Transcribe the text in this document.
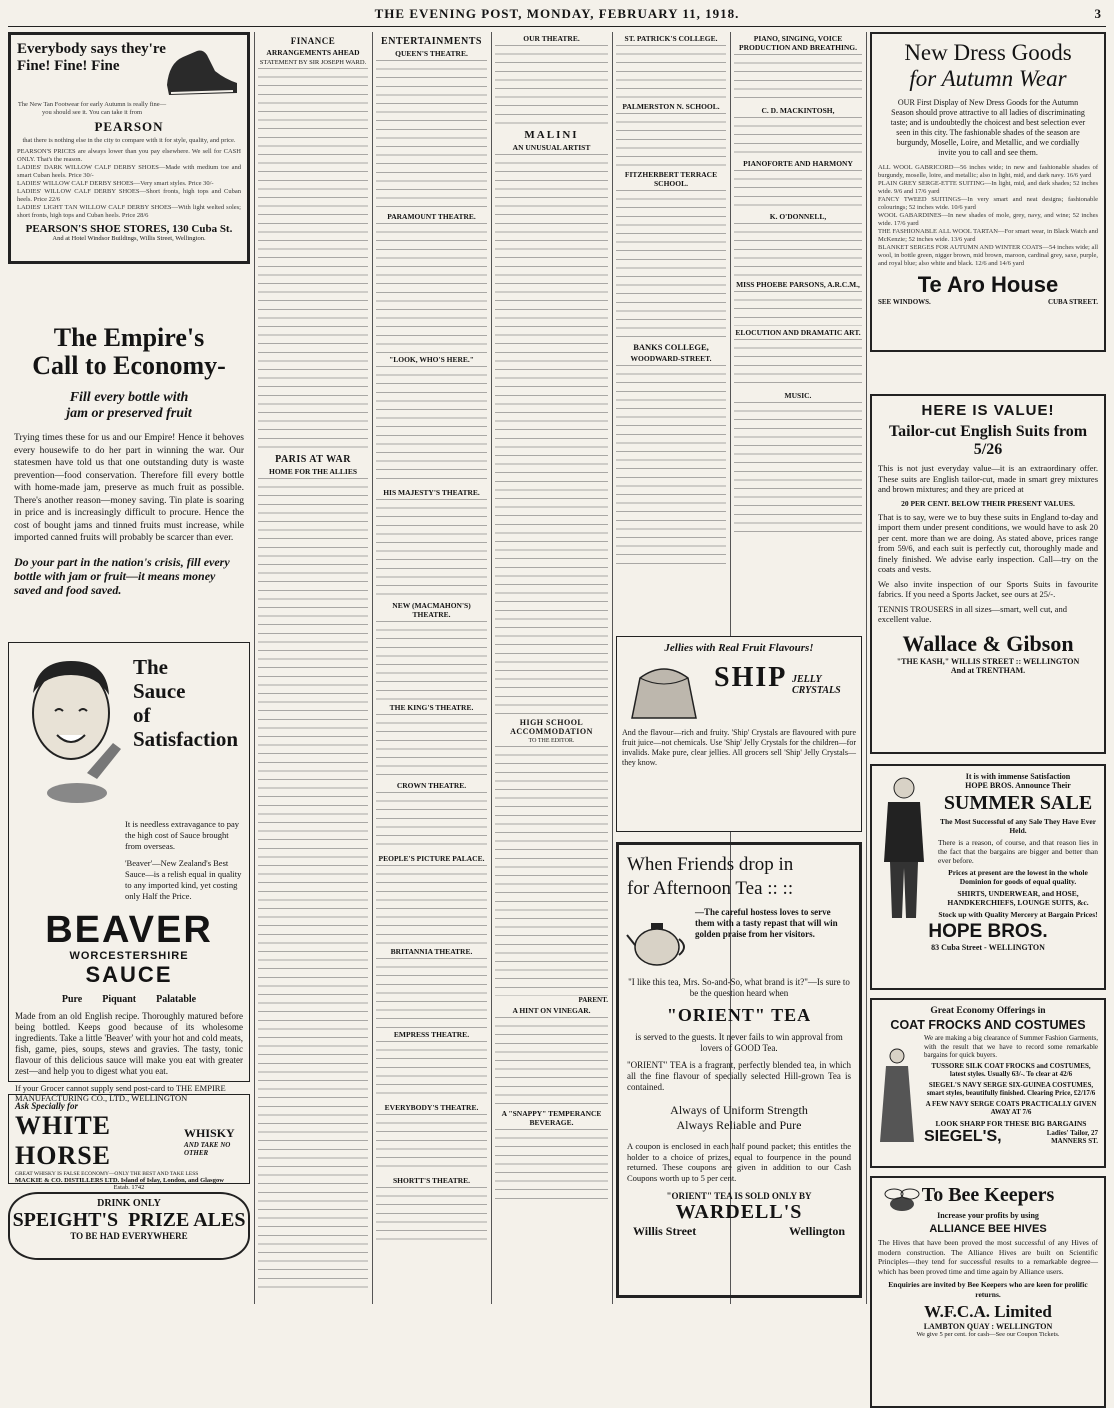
THE EVENING POST, MONDAY, FEBRUARY 11, 1918.	3
Everybody says they're
Fine! Fine! Fine
The New Tan Footwear for early Autumn is really fine—you should see it. You can take it from
PEARSON
that there is nothing else in the city to compare with it for style, quality, and price.
PEARSON'S PRICES are always lower than you pay elsewhere. We sell for CASH ONLY. That's the reason.
LADIES' DARK WILLOW CALF DERBY SHOES—Made with medium toe and smart Cuban heels. Price 30/-
LADIES' WILLOW CALF DERBY SHOES—Very smart styles. Price 30/-
LADIES' WILLOW CALF DERBY SHOES—Short fronts, high tops and Cuban heels. Price 22/6
LADIES' LIGHT TAN WILLOW CALF DERBY SHOES—With light welted soles; short fronts, high tops and Cuban heels. Price 28/6
PEARSON'S SHOE STORES, 130 Cuba St.
And at Hotel Windsor Buildings, Willis Street, Wellington.
The Empire's
Call to Economy-
Fill every bottle with
jam or preserved fruit
Trying times these for us and our Empire! Hence it behoves every housewife to do her part in winning the war. Our statesmen have told us that one outstanding duty is waste prevention—food conservation. Therefore fill every bottle with home-made jam, preserve as much fruit as possible. There's another reason—money saving. Tin plate is soaring in price and is increasingly difficult to procure. Hence the cost of bought jams and tinned fruits must increase, while imported canned fruits will probably be scarcer than ever.
Do your part in the nation's crisis, fill every bottle with jam or fruit—it means money saved and food saved.
The
Sauce
of
Satisfaction
It is needless extravagance to pay the high cost of Sauce brought from overseas.
'Beaver'—New Zealand's Best Sauce—is a relish equal in quality to any imported kind, yet costing only Half the Price.
BEAVER
WORCESTERSHIRE
SAUCE
Pure        Piquant        Palatable
Made from an old English recipe. Thoroughly matured before being bottled. Keeps good because of its wholesome ingredients. Take a little 'Beaver' with your hot and cold meats, fish, game, pies, soups, stews and gravies. The tasty, tonic flavour of this delicious sauce will make you eat with greater zest—and help you to digest what you eat.
If your Grocer cannot supply send post-card to THE EMPIRE MANUFACTURING CO., LTD., WELLINGTON
Ask Specially for
WHITE HORSE
WHISKY
AND TAKE NO OTHER
GREAT WHISKY IS FALSE ECONOMY—ONLY THE BEST AND TAKE LESS
MACKIE & CO. DISTILLERS LTD. Island of Islay, London, and Glasgow
Estab. 1742
DRINK ONLY
SPEIGHT'S PRIZE ALES
TO BE HAD EVERYWHERE
FINANCE
ARRANGEMENTS AHEAD
STATEMENT BY SIR JOSEPH WARD.
PARIS AT WAR
HOME FOR THE ALLIES
ENTERTAINMENTS
QUEEN'S THEATRE.
PARAMOUNT THEATRE.
"LOOK, WHO'S HERE."
HIS MAJESTY'S THEATRE.
NEW (MACMAHON'S) THEATRE.
THE KING'S THEATRE.
CROWN THEATRE.
PEOPLE'S PICTURE PALACE.
BRITANNIA THEATRE.
EMPRESS THEATRE.
EVERYBODY'S THEATRE.
SHORTT'S THEATRE.
OUR THEATRE.
MALINI
AN UNUSUAL ARTIST
HIGH SCHOOL ACCOMMODATION
TO THE EDITOR.
PARENT.
A HINT ON VINEGAR.
A "SNAPPY" TEMPERANCE BEVERAGE.
ST. PATRICK'S COLLEGE.
PALMERSTON N. SCHOOL.
FITZHERBERT TERRACE SCHOOL.
BANKS COLLEGE,
WOODWARD-STREET.
PIANO, SINGING, VOICE PRODUCTION AND BREATHING.
C. D. MACKINTOSH,
PIANOFORTE AND HARMONY
K. O'DONNELL,
MISS PHOEBE PARSONS, A.R.C.M.,
ELOCUTION AND DRAMATIC ART.
MUSIC.
Jellies with Real Fruit Flavours!
SHIP JELLY CRYSTALS
And the flavour—rich and fruity. 'Ship' Crystals are flavoured with pure fruit juice—not chemicals. Use 'Ship' Jelly Crystals for the children—for invalids. Make pure, clear jellies. All grocers sell 'Ship' Jelly Crystals—they know.
When Friends drop in
for Afternoon Tea :: ::
—The careful hostess loves to serve them with a tasty repast that will win golden praise from her visitors.
"I like this tea, Mrs. So-and-So, what brand is it?"—Is sure to be the question heard when
"ORIENT" TEA
is served to the guests. It never fails to win approval from lovers of GOOD Tea.
"ORIENT" TEA is a fragrant, perfectly blended tea, in which all the fine flavour of specially selected Hill-grown Tea is contained.
Always of Uniform Strength
Always Reliable and Pure
A coupon is enclosed in each half pound packet; this entitles the holder to a choice of prizes, equal to fourpence in the pound returned. These coupons are given in addition to our Cash Coupons worth up to 5 per cent.
"ORIENT" TEA IS SOLD ONLY BY
WARDELL'S
Willis Street	Wellington
New Dress Goods
for Autumn Wear
OUR First Display of New Dress Goods for the Autumn Season should prove attractive to all ladies of discriminating taste; and is undoubtedly the choicest and best selection ever seen in this city. The fashionable shades of the season are burgundy, Moselle, Loire, and Metallic, and we cordially invite you to call and see them.
ALL WOOL GABRICORD—56 inches wide; in new and fashionable shades of burgundy, moselle, loire, and metallic; also in light, mid, and dark navy. 16/6 yard
PLAIN GREY SERGE-ETTE SUITING—In light, mid, and dark shades; 52 inches wide. 9/6 and 17/6 yard
FANCY TWEED SUITINGS—In very smart and neat designs; fashionable colourings; 52 inches wide. 10/6 yard
WOOL GABARDINES—In new shades of mole, grey, navy, and wine; 52 inches wide. 17/6 yard
THE FASHIONABLE ALL WOOL TARTAN—For smart wear, in Black Watch and McKenzie; 52 inches wide. 13/6 yard
BLANKET SERGES FOR AUTUMN AND WINTER COATS—54 inches wide; all wool, in bottle green, nigger brown, mid brown, maroon, cardinal grey, saxe, purple, and royal blue; also white and black. 12/6 and 14/6 yard
Te Aro House
SEE WINDOWS.	CUBA STREET.
HERE IS VALUE!
Tailor-cut English Suits from 5/26
This is not just everyday value—it is an extraordinary offer. These suits are English tailor-cut, made in smart grey mixtures and brown mixtures; and they are priced at
20 PER CENT. BELOW THEIR PRESENT VALUES.
That is to say, were we to buy these suits in England to-day and import them under present conditions, we would have to ask 20 per cent. more than we are doing. As stated above, prices range from 59/6, and each suit is perfectly cut, thoroughly made and finely finished. We advise early inspection. Call—try on the coats and vests.
We also invite inspection of our Sports Suits in favourite fabrics. If you need a Sports Jacket, see ours at 25/-.
TENNIS TROUSERS in all sizes—smart, well cut, and excellent value.
Wallace & Gibson
"THE KASH," WILLIS STREET :: WELLINGTON
And at TRENTHAM.
It is with immense Satisfaction
HOPE BROS. Announce Their
SUMMER SALE
The Most Successful of any Sale They Have Ever Held.
There is a reason, of course, and that reason lies in the fact that the bargains are bigger and better than ever before.
Prices at present are the lowest in the whole Dominion for goods of equal quality.
SHIRTS, UNDERWEAR, and HOSE, HANDKERCHIEFS, LOUNGE SUITS, &c.
Stock up with Quality Mercery at Bargain Prices!
HOPE BROS.
83 Cuba Street - WELLINGTON
Great Economy Offerings in
COAT FROCKS AND COSTUMES
We are making a big clearance of Summer Fashion Garments, with the result that we have to record some remarkable bargains for quick buyers.
TUSSORE SILK COAT FROCKS and COSTUMES, latest styles. Usually 63/-. To clear at 42/6
SIEGEL'S NAVY SERGE SIX-GUINEA COSTUMES, smart styles, beautifully finished. Clearing Price, £2/17/6
A FEW NAVY SERGE COATS PRACTICALLY GIVEN AWAY AT 7/6
LOOK SHARP FOR THESE BIG BARGAINS
SIEGEL'S,	Ladies' Tailor, 27 MANNERS ST.
To Bee Keepers
Increase your profits by using
ALLIANCE BEE HIVES
The Hives that have been proved the most successful of any Hives of modern construction. The Alliance Hives are built on Scientific Principles—they tend for successful results to a remarkable degree—which has been proved time and time again by Alliance users.
Enquiries are invited by Bee Keepers who are keen for prolific returns.
W.F.C.A. Limited
LAMBTON QUAY : WELLINGTON
We give 5 per cent. for cash—See our Coupon Tickets.
